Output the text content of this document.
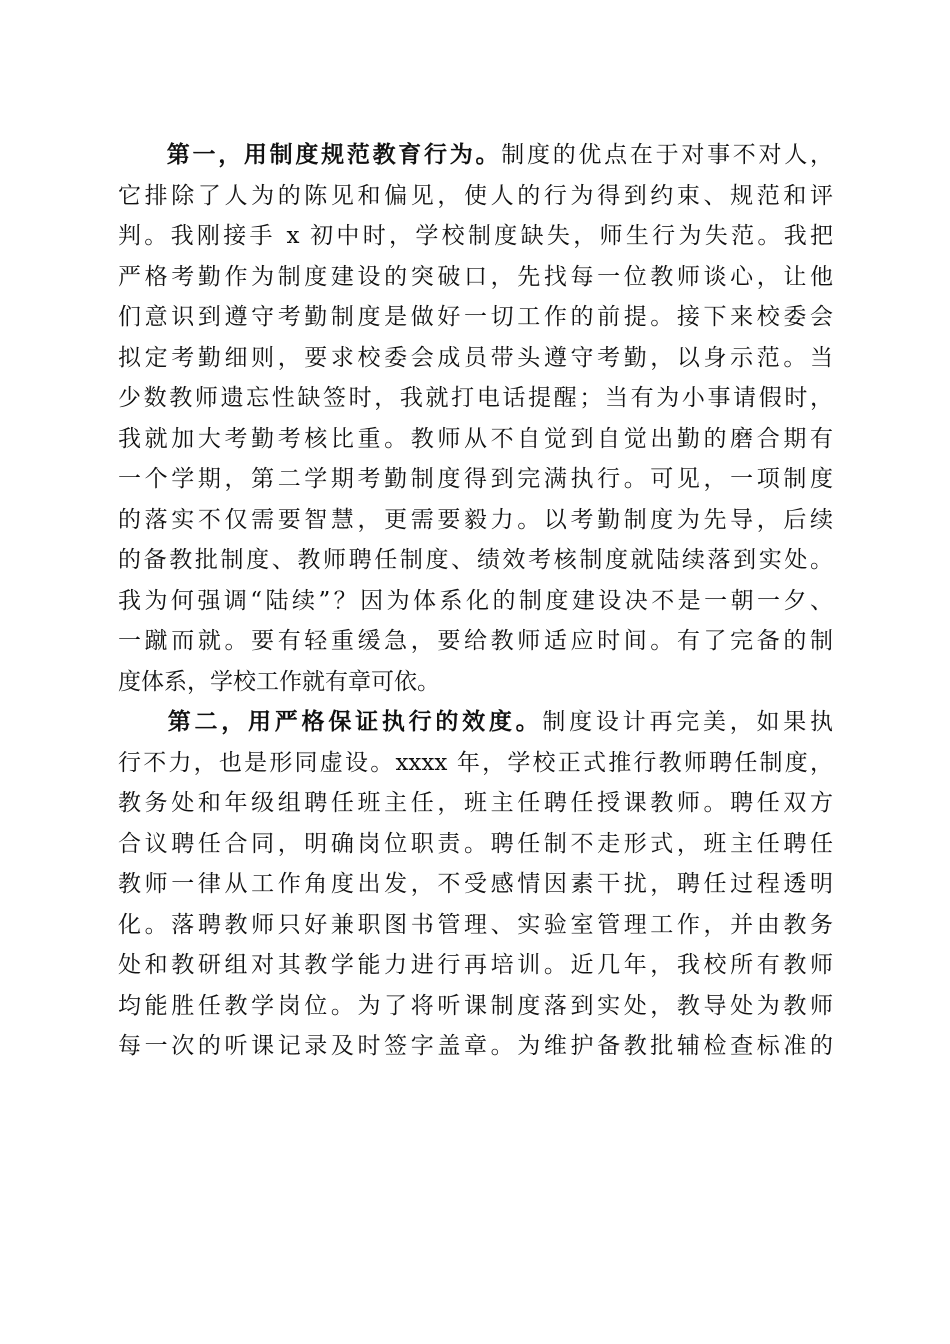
第一，用制度规范教育行为。制度的优点在于对事不对人，
它排除了人为的陈见和偏见，使人的行为得到约束、规范和评
判。我刚接手 x 初中时，学校制度缺失，师生行为失范。我把
严格考勤作为制度建设的突破口，先找每一位教师谈心，让他
们意识到遵守考勤制度是做好一切工作的前提。接下来校委会
拟定考勤细则，要求校委会成员带头遵守考勤，以身示范。当
少数教师遗忘性缺签时，我就打电话提醒；当有为小事请假时，
我就加大考勤考核比重。教师从不自觉到自觉出勤的磨合期有
一个学期，第二学期考勤制度得到完满执行。可见，一项制度
的落实不仅需要智慧，更需要毅力。以考勤制度为先导，后续
的备教批制度、教师聘任制度、绩效考核制度就陆续落到实处。
我为何强调“陆续”？因为体系化的制度建设决不是一朝一夕、
一蹴而就。要有轻重缓急，要给教师适应时间。有了完备的制
度体系，学校工作就有章可依。
第二，用严格保证执行的效度。制度设计再完美，如果执
行不力，也是形同虚设。xxxx 年，学校正式推行教师聘任制度，
教务处和年级组聘任班主任，班主任聘任授课教师。聘任双方
合议聘任合同，明确岗位职责。聘任制不走形式，班主任聘任
教师一律从工作角度出发，不受感情因素干扰，聘任过程透明
化。落聘教师只好兼职图书管理、实验室管理工作，并由教务
处和教研组对其教学能力进行再培训。近几年，我校所有教师
均能胜任教学岗位。为了将听课制度落到实处，教导处为教师
每一次的听课记录及时签字盖章。为维护备教批辅检查标准的
